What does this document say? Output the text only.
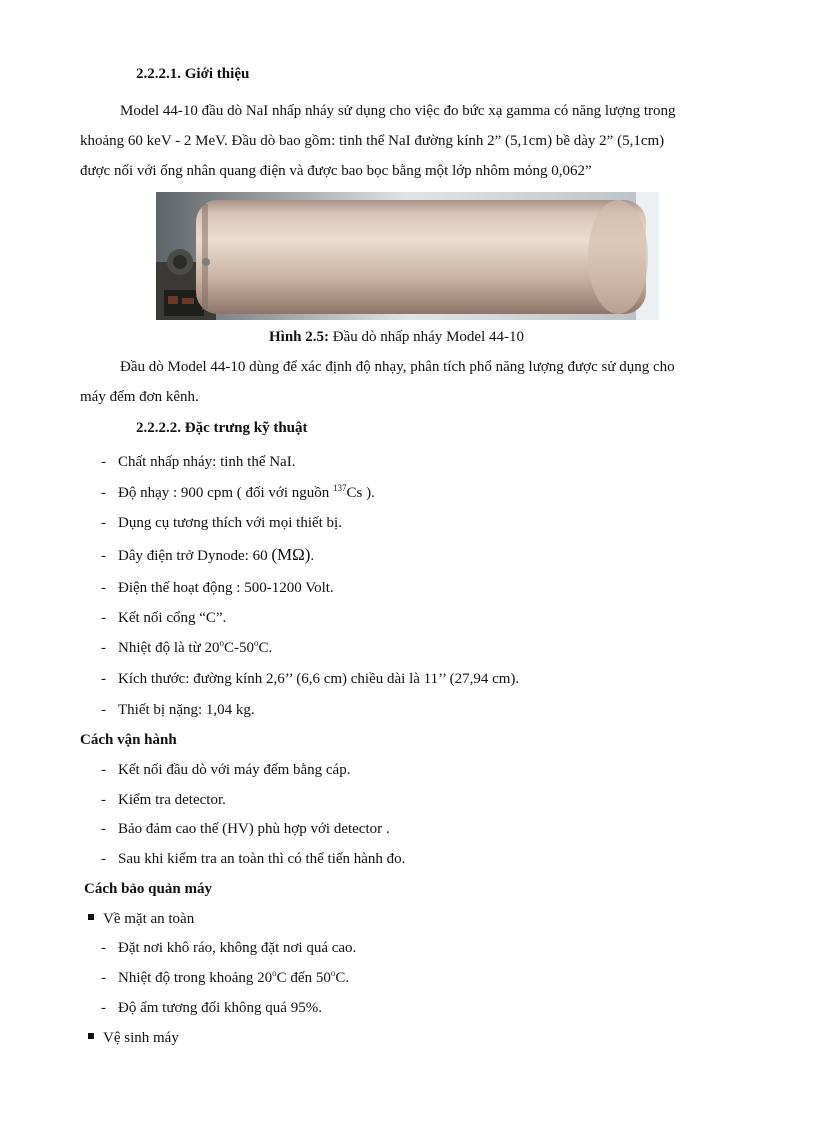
2.2.2.1. Giới thiệu
Model 44-10 đầu dò NaI nhấp nháy sử dụng cho việc đo bức xạ gamma có năng lượng trong
khoảng 60 keV - 2 MeV. Đầu dò bao gồm: tinh thể NaI đường kính 2” (5,1cm) bề dày 2” (5,1cm)
được nối với ống nhân quang điện và được bao bọc bằng một lớp nhôm mỏng 0,062”
Hình 2.5: Đầu dò nhấp nháy Model 44-10
Đầu dò Model 44-10 dùng để xác định độ nhạy, phân tích phổ năng lượng được sử dụng cho
máy đếm đơn kênh.
2.2.2.2. Đặc trưng kỹ thuật
- Chất nhấp nháy: tinh thể NaI.
- Độ nhạy : 900 cpm ( đối với nguồn $^{137}$Cs ).
- Dụng cụ tương thích với mọi thiết bị.
- Dây điện trở Dynode: 60 (MΩ).
- Điện thế hoạt động : 500-1200 Volt.
- Kết nối cổng “C”.
- Nhiệt độ là từ 20$^o$C-50$^o$C.
- Kích thước: đường kính 2,6’’ (6,6 cm) chiều dài là 11’’ (27,94 cm).
- Thiết bị nặng: 1,04 kg.
Cách vận hành
- Kết nối đầu dò với máy đếm bằng cáp.
- Kiểm tra detector.
- Bảo đảm cao thế (HV) phù hợp với detector .
- Sau khi kiểm tra an toàn thì có thể tiến hành đo.
Cách bảo quản máy
Về mặt an toàn
- Đặt nơi khô ráo, không đặt nơi quá cao.
- Nhiệt độ trong khoảng 20$^o$C đến 50$^o$C.
- Độ ẩm tương đối không quá 95%.
Vệ sinh máy
